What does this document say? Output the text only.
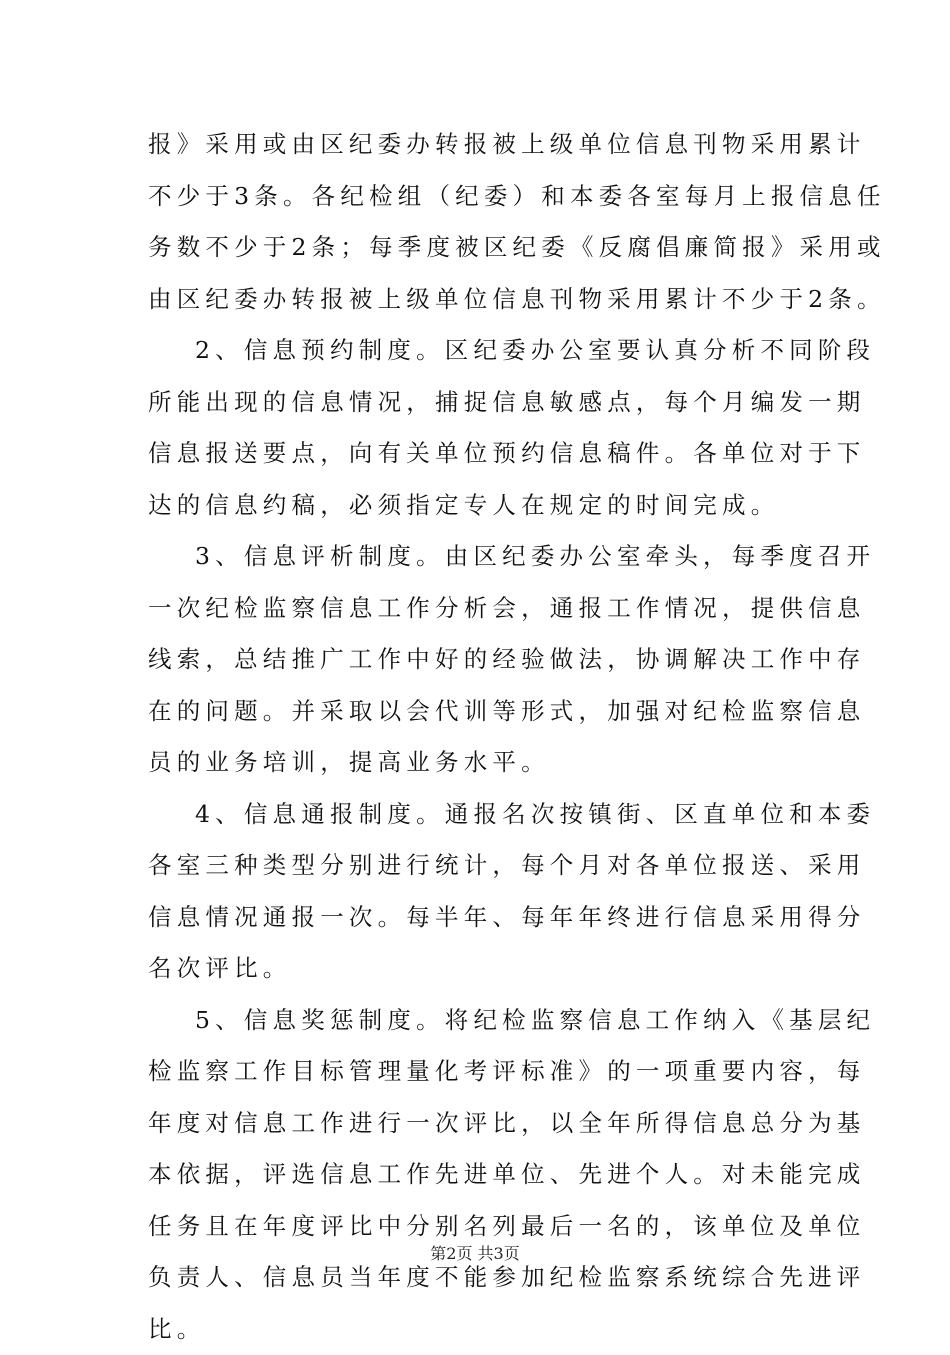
报》采用或由区纪委办转报被上级单位信息刊物采用累计
不少于3条。各纪检组（纪委）和本委各室每月上报信息任
务数不少于2条；每季度被区纪委《反腐倡廉简报》采用或
由区纪委办转报被上级单位信息刊物采用累计不少于2条。
2、信息预约制度。区纪委办公室要认真分析不同阶段
所能出现的信息情况，捕捉信息敏感点，每个月编发一期
信息报送要点，向有关单位预约信息稿件。各单位对于下
达的信息约稿，必须指定专人在规定的时间完成。
3、信息评析制度。由区纪委办公室牵头，每季度召开
一次纪检监察信息工作分析会，通报工作情况，提供信息
线索，总结推广工作中好的经验做法，协调解决工作中存
在的问题。并采取以会代训等形式，加强对纪检监察信息
员的业务培训，提高业务水平。
4、信息通报制度。通报名次按镇街、区直单位和本委
各室三种类型分别进行统计，每个月对各单位报送、采用
信息情况通报一次。每半年、每年年终进行信息采用得分
名次评比。
5、信息奖惩制度。将纪检监察信息工作纳入《基层纪
检监察工作目标管理量化考评标准》的一项重要内容，每
年度对信息工作进行一次评比，以全年所得信息总分为基
本依据，评选信息工作先进单位、先进个人。对未能完成
任务且在年度评比中分别名列最后一名的，该单位及单位
负责人、信息员当年度不能参加纪检监察系统综合先进评
比。
第2页 共3页
